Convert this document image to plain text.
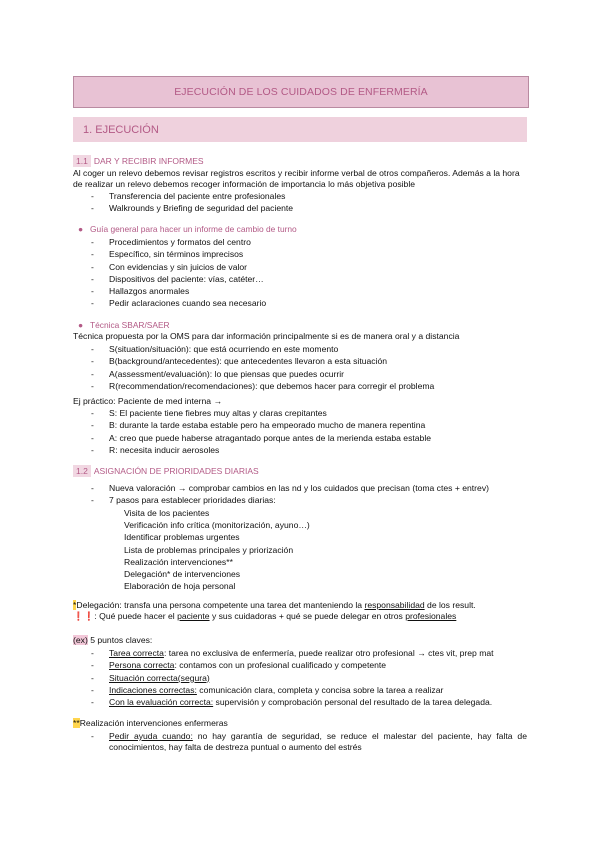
EJECUCIÓN DE LOS CUIDADOS DE ENFERMERÍA
1. EJECUCIÓN
1.1 DAR Y RECIBIR INFORMES
Al coger un relevo debemos revisar registros escritos y recibir informe verbal de otros compañeros. Además a la hora de realizar un relevo debemos recoger información de importancia lo más objetiva posible
- Transferencia del paciente entre profesionales
- Walkrounds y Briefing de seguridad del paciente
● Guía general para hacer un informe de cambio de turno
- Procedimientos y formatos del centro
- Específico, sin términos imprecisos
- Con evidencias y sin juicios de valor
- Dispositivos del paciente: vías, catéter…
- Hallazgos anormales
- Pedir aclaraciones cuando sea necesario
● Técnica SBAR/SAER
Técnica propuesta por la OMS para dar información principalmente si es de manera oral y a distancia
- S(situation/situación): que está ocurriendo en este momento
- B(background/antecedentes): que antecedentes llevaron a esta situación
- A(assessment/evaluación): lo que piensas que puedes ocurrir
- R(recommendation/recomendaciones): que debemos hacer para corregir el problema
Ej práctico: Paciente de med interna →
- S: El paciente tiene fiebres muy altas y claras crepitantes
- B: durante la tarde estaba estable pero ha empeorado mucho de manera repentina
- A: creo que puede haberse atragantado porque antes de la merienda estaba estable
- R: necesita inducir aerosoles
1.2 ASIGNACIÓN DE PRIORIDADES DIARIAS
- Nueva valoración → comprobar cambios en las nd y los cuidados que precisan (toma ctes + entrev)
- 7 pasos para establecer prioridades diarias:
Visita de los pacientes
Verificación info crítica (monitorización, ayuno…)
Identificar problemas urgentes
Lista de problemas principales y priorización
Realización intervenciones**
Delegación* de intervenciones
Elaboración de hoja personal
*Delegación: transfa una persona competente una tarea det manteniendo la responsabilidad de los result.
❗❗: Qué puede hacer el paciente y sus cuidadoras + qué se puede delegar en otros profesionales
(ex) 5 puntos claves:
- Tarea correcta: tarea no exclusiva de enfermería, puede realizar otro profesional → ctes vit, prep mat
- Persona correcta: contamos con un profesional cualificado y competente
- Situación correcta(segura)
- Indicaciones correctas: comunicación clara, completa y concisa sobre la tarea a realizar
- Con la evaluación correcta: supervisión y comprobación personal del resultado de la tarea delegada.
**Realización intervenciones enfermeras
- Pedir ayuda cuando: no hay garantía de seguridad, se reduce el malestar del paciente, hay falta de
conocimientos, hay falta de destreza puntual o aumento del estrés
